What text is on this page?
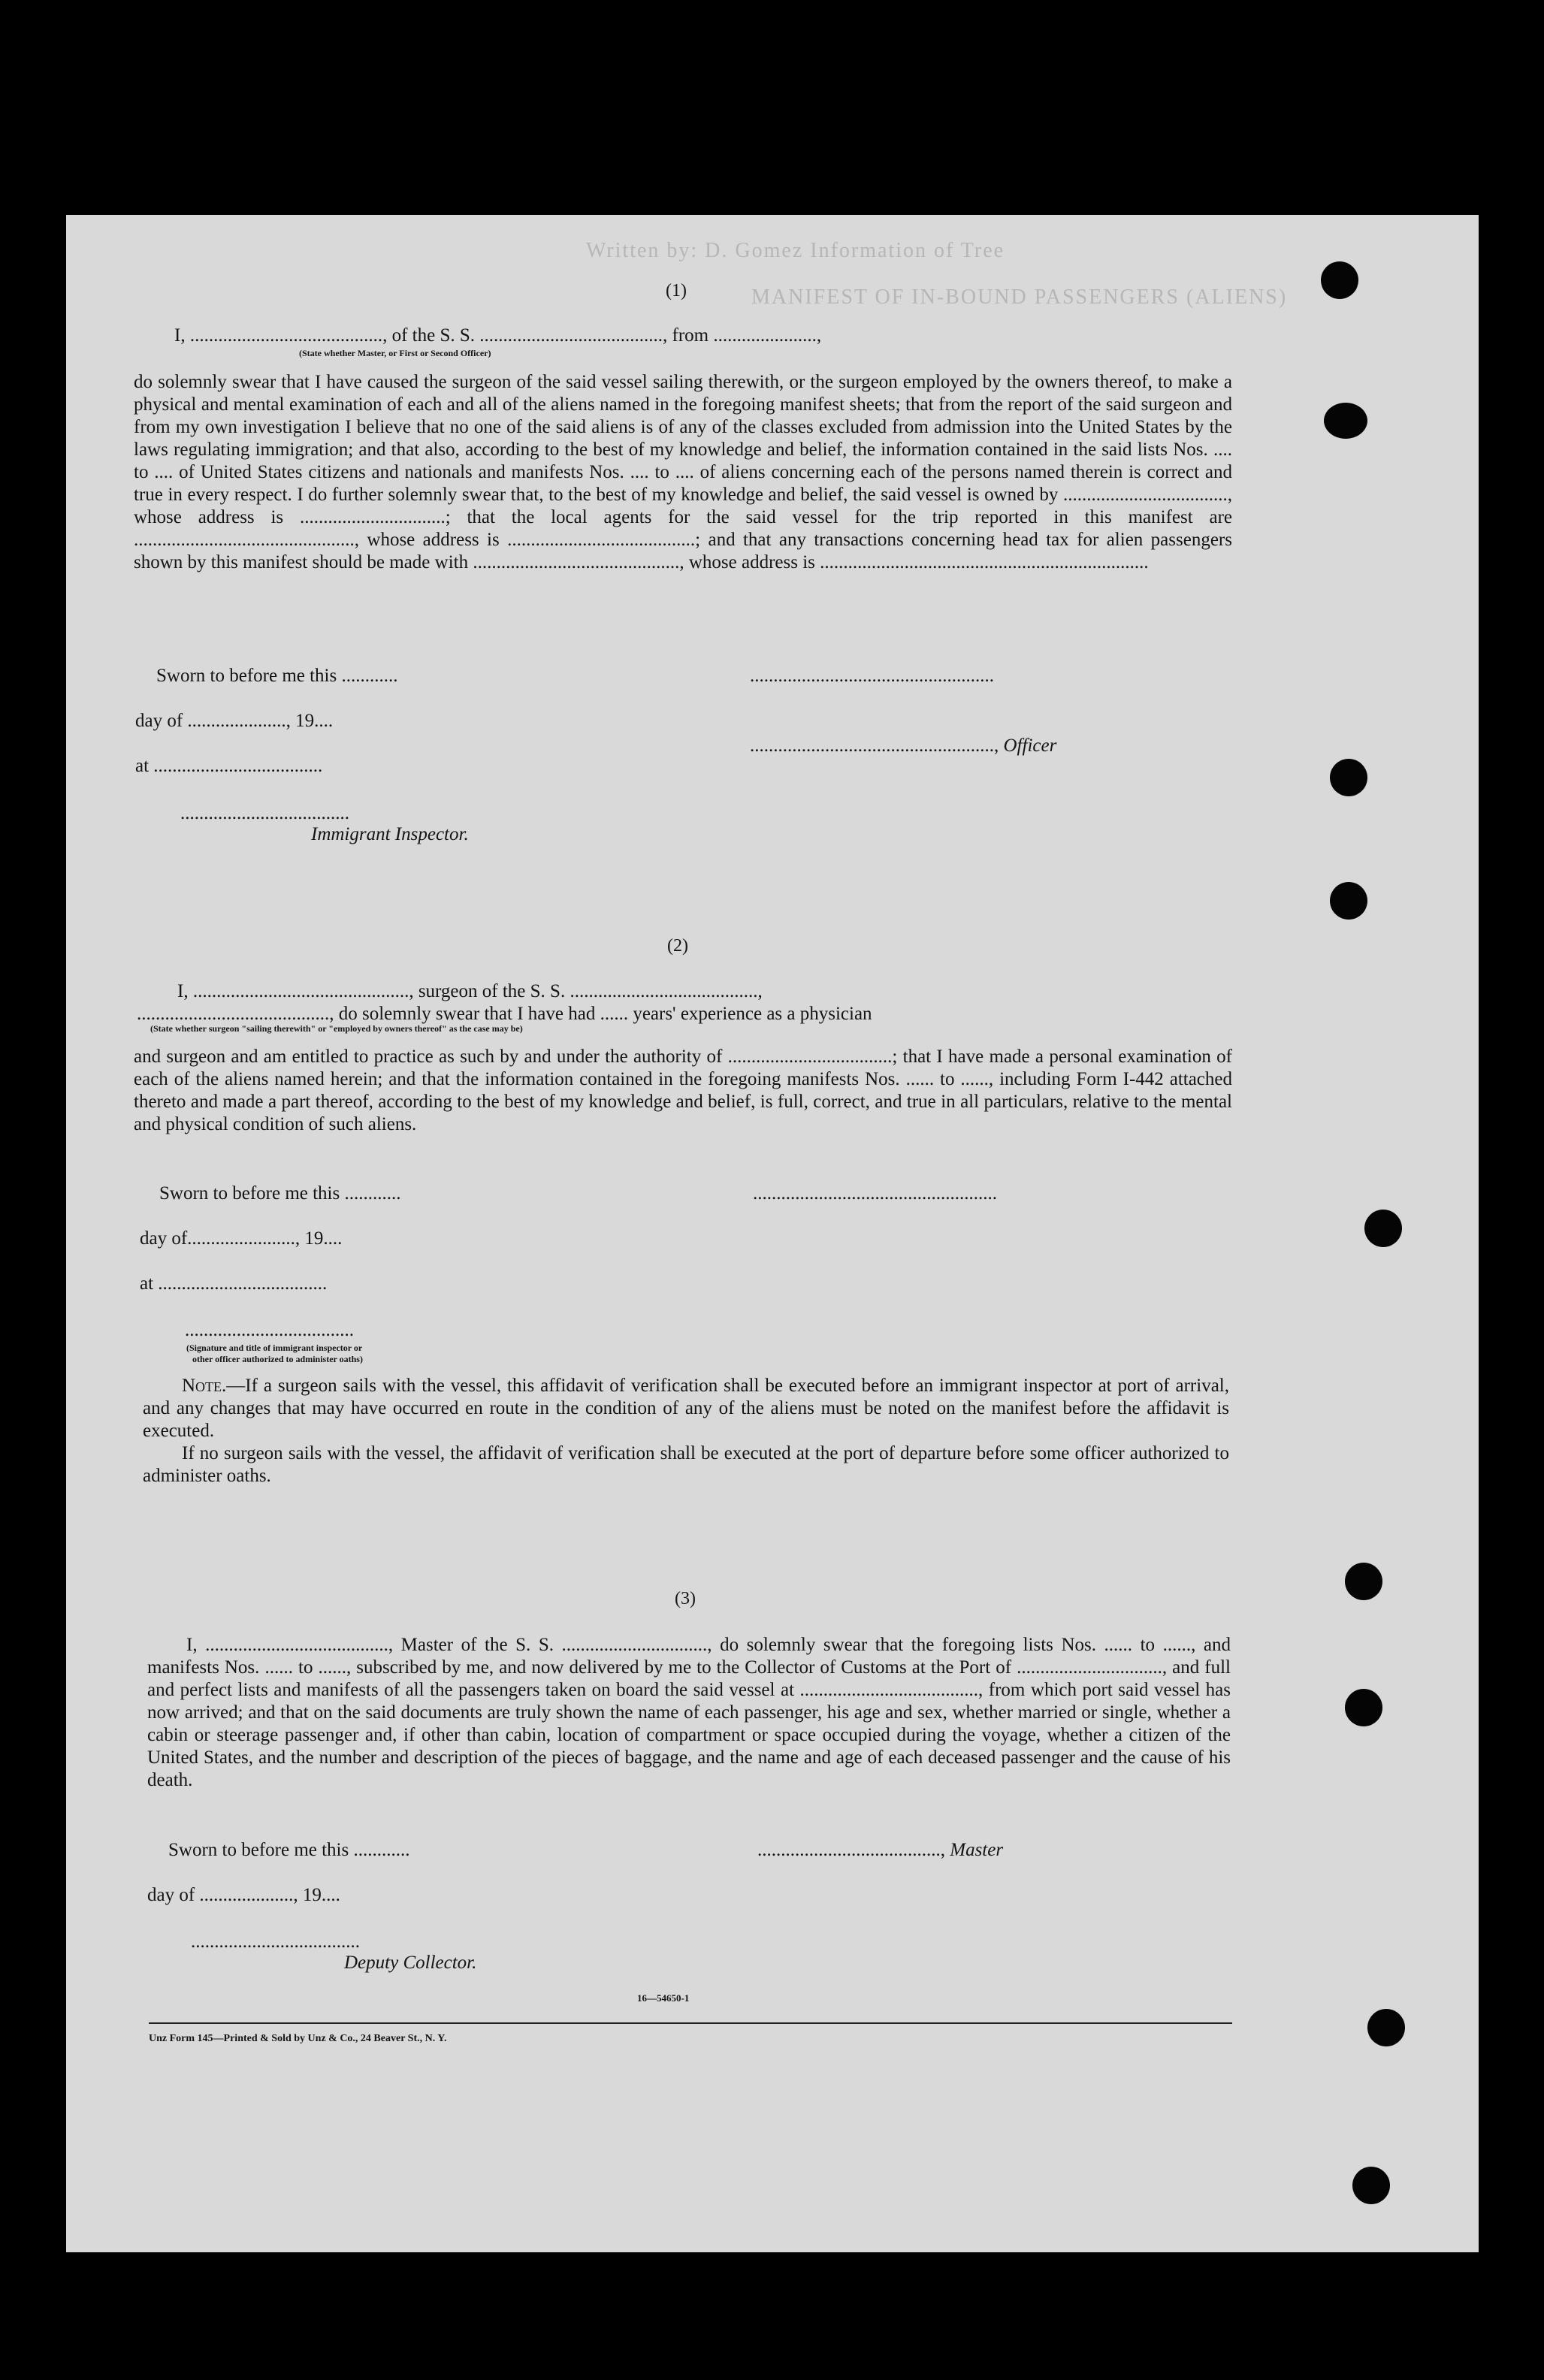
Written by: D. Gomez Information of Tree
MANIFEST OF IN-BOUND PASSENGERS (ALIENS)
(1)
I, ........................................., of the S. S. ......................................., from ......................,
(State whether Master, or First or Second Officer)

do solemnly swear that I have caused the surgeon of the said vessel sailing therewith, or the surgeon employed by the owners thereof, to make a physical and mental examination of each and all of the aliens named in the foregoing manifest sheets; that from the report of the said surgeon and from my own investigation I believe that no one of the said aliens is of any of the classes excluded from admission into the United States by the laws regulating immigration; and that also, according to the best of my knowledge and belief, the information contained in the said lists Nos. .... to .... of United States citizens and nationals and manifests Nos. .... to .... of aliens concerning each of the persons named therein is correct and true in every respect. I do further solemnly swear that, to the best of my knowledge and belief, the said vessel is owned by ..................................., whose address is ...............................; that the local agents for the said vessel for the trip reported in this manifest are ..............................................., whose address is ........................................; and that any transactions concerning head tax for alien passengers shown by this manifest should be made with ............................................, whose address is ......................................................................

Sworn to before me this ............	....................................................
day of ....................., 19....
...................................................., Officer
at ....................................
....................................
Immigrant Inspector.
(2)
I, .............................................., surgeon of the S. S. ........................................,
........................................., do solemnly swear that I have had ...... years' experience as a physician
(State whether surgeon "sailing therewith" or "employed by owners thereof" as the case may be)
and surgeon and am entitled to practice as such by and under the authority of ...................................; that I have made a personal examination of each of the aliens named herein; and that the information contained in the foregoing manifests Nos. ...... to ......, including Form I-442 attached thereto and made a part thereof, according to the best of my knowledge and belief, is full, correct, and true in all particulars, relative to the mental and physical condition of such aliens.
Sworn to before me this ............	....................................................
day of......................., 19....
at ....................................
....................................
(Signature and title of immigrant inspector or
other officer authorized to administer oaths)

Note.—If a surgeon sails with the vessel, this affidavit of verification shall be executed before an immigrant inspector at port of arrival, and any changes that may have occurred en route in the condition of any of the aliens must be noted on the manifest before the affidavit is executed.

If no surgeon sails with the vessel, the affidavit of verification shall be executed at the port of departure before some officer authorized to administer oaths.

(3)

I, ......................................., Master of the S. S. ..............................., do solemnly swear that the foregoing lists Nos. ...... to ......, and manifests Nos. ...... to ......, subscribed by me, and now delivered by me to the Collector of Customs at the Port of ..............................., and full and perfect lists and manifests of all the passengers taken on board the said vessel at ......................................, from which port said vessel has now arrived; and that on the said documents are truly shown the name of each passenger, his age and sex, whether married or single, whether a cabin or steerage passenger and, if other than cabin, location of compartment or space occupied during the voyage, whether a citizen of the United States, and the number and description of the pieces of baggage, and the name and age of each deceased passenger and the cause of his death.

Sworn to before me this ............	......................................., Master
day of ...................., 19....
....................................
Deputy Collector.
16—54650-1
Unz Form 145—Printed & Sold by Unz & Co., 24 Beaver St., N. Y.
